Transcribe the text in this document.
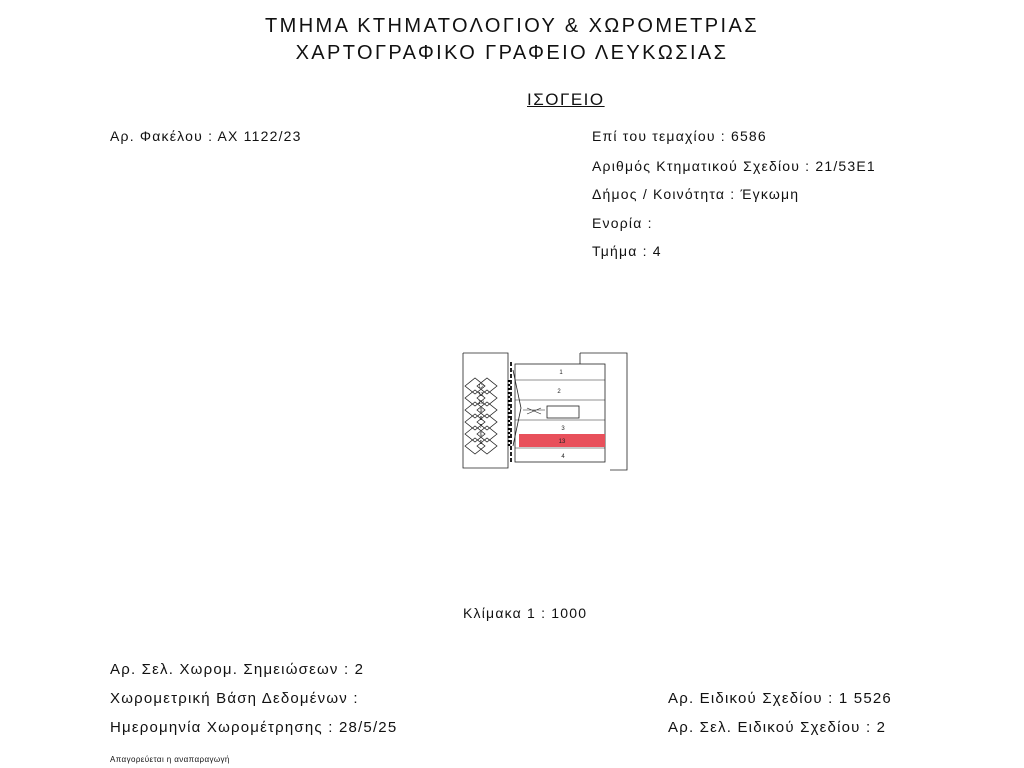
ΤΜΗΜΑ ΚΤΗΜΑΤΟΛΟΓΙΟΥ & ΧΩΡΟΜΕΤΡΙΑΣ
ΧΑΡΤΟΓΡΑΦΙΚΟ ΓΡΑΦΕΙΟ ΛΕΥΚΩΣΙΑΣ
ΙΣΟΓΕΙΟ
Αρ. Φακέλου : ΑΧ 1122/23	Επί του τεμαχίου : 6586
Αριθμός Κτηματικού Σχεδίου : 21/53Ε1
Δήμος / Κοινότητα : Έγκωμη
Ενορία :
Τμήμα : 4
1
2
3
4
13
12
11
10
9
8
7
6
5
Κλίμακα 1 : 1000
Αρ. Σελ. Χωρομ. Σημειώσεων : 2
Χωρομετρική Βάση Δεδομένων :
Ημερομηνία Χωρομέτρησης : 28/5/25
Αρ. Ειδικού Σχεδίου : 1 5526
Αρ. Σελ. Ειδικού Σχεδίου : 2
Απαγορεύεται η αναπαραγωγή
